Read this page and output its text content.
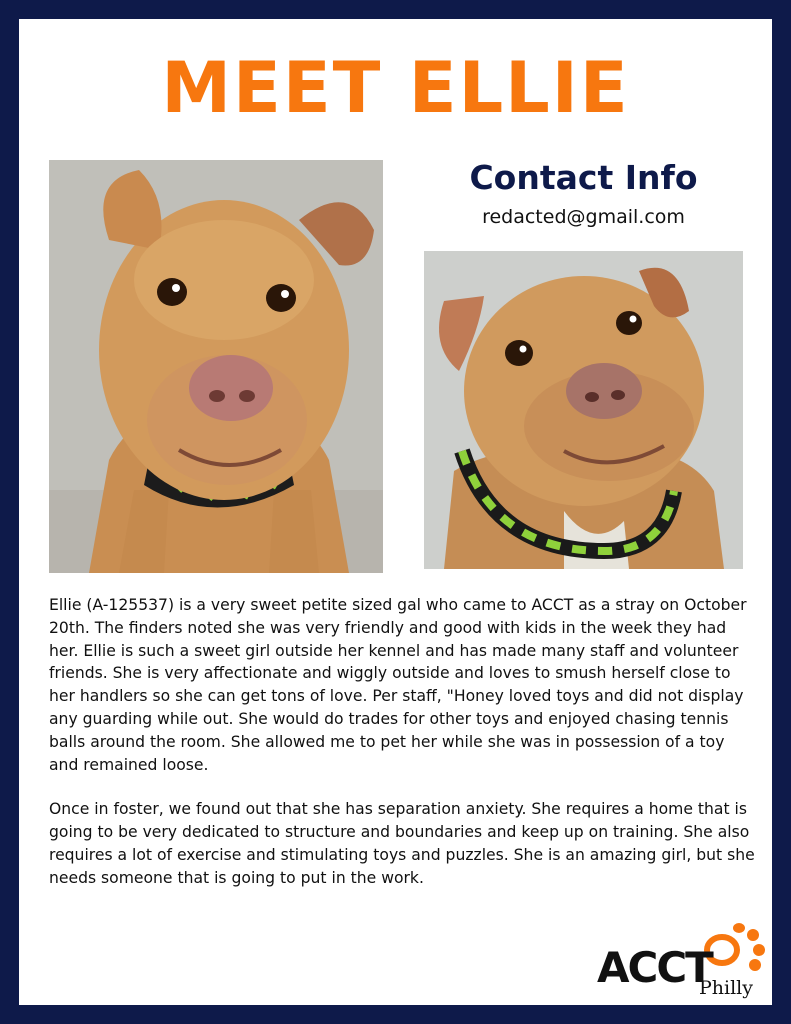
MEET ELLIE
Contact Info
redacted@gmail.com

Ellie (A-125537) is a very sweet petite sized gal who came to ACCT as a stray on October 20th. The finders noted she was very friendly and good with kids in the week they had her. Ellie is such a sweet girl outside her kennel and has made many staff and volunteer friends. She is very affectionate and wiggly outside and loves to smush herself close to her handlers so she can get tons of love. Per staff, "Honey loved toys and did not display any guarding while out. She would do trades for other toys and enjoyed chasing tennis balls around the room. She allowed me to pet her while she was in possession of a toy and remained loose.

Once in foster, we found out that she has separation anxiety. She requires a home that is going to be very dedicated to structure and boundaries and keep up on training. She also requires a lot of exercise and stimulating toys and puzzles. She is an amazing girl, but she needs someone that is going to put in the work.

ACCT
Philly
